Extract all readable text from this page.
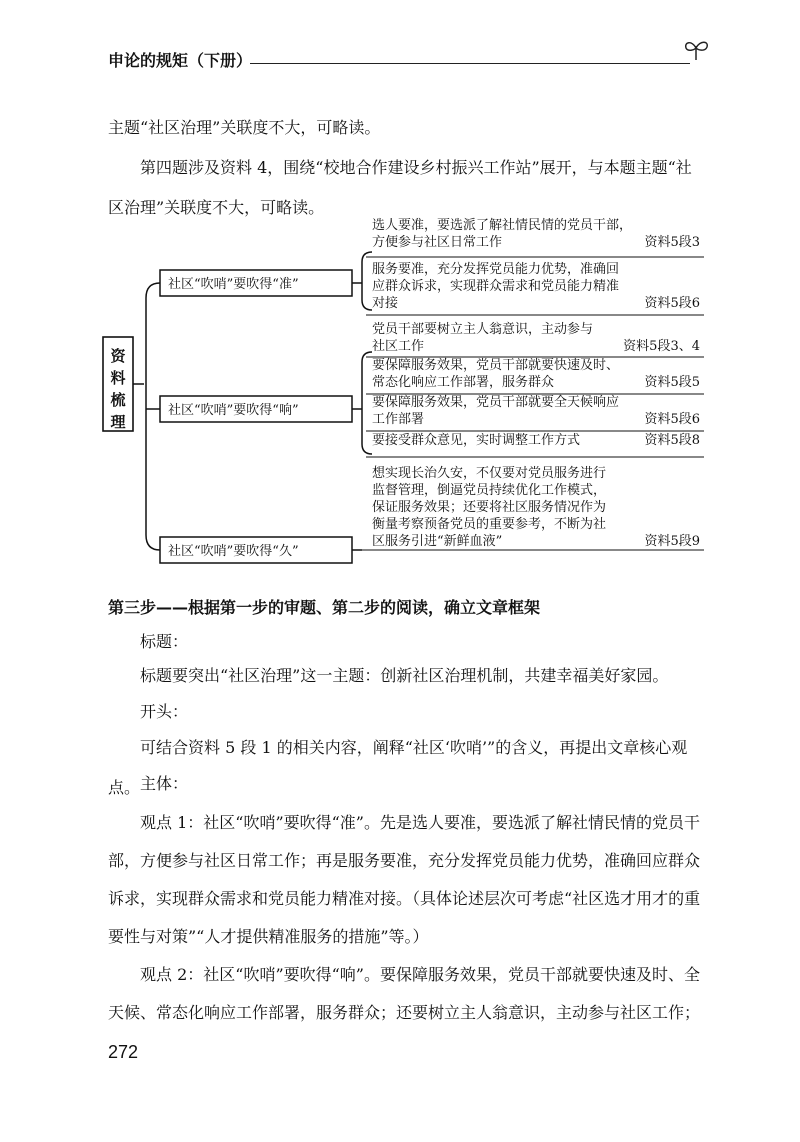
申论的规矩（下册）

主题“社区治理”关联度不大，可略读。

第四题涉及资料 4，围绕“校地合作建设乡村振兴工作站”展开，与本题主题“社区治理”关联度不大，可略读。

资
料
梳
理
社区“吹哨”要吹得“准”
社区“吹哨”要吹得“响”
社区“吹哨”要吹得“久”
选人要准，要选派了解社情民情的党员干部，
方便参与社区日常工作	资料5段3
服务要准，充分发挥党员能力优势，准确回
应群众诉求，实现群众需求和党员能力精准
对接	资料5段6
党员干部要树立主人翁意识，主动参与
社区工作	资料5段3、4
要保障服务效果，党员干部就要快速及时、
常态化响应工作部署，服务群众	资料5段5
要保障服务效果，党员干部就要全天候响应
工作部署	资料5段6
要接受群众意见，实时调整工作方式	资料5段8
想实现长治久安，不仅要对党员服务进行
监督管理，倒逼党员持续优化工作模式，
保证服务效果；还要将社区服务情况作为
衡量考察预备党员的重要参考，不断为社
区服务引进“新鲜血液”	资料5段9

第三步——根据第一步的审题、第二步的阅读，确立文章框架

标题：

标题要突出“社区治理”这一主题：创新社区治理机制，共建幸福美好家园。

开头：

可结合资料 5 段 1 的相关内容，阐释“社区‘吹哨’”的含义，再提出文章核心观点。 主体：

观点 1：社区“吹哨”要吹得“准”。先是选人要准，要选派了解社情民情的党员干部，方便参与社区日常工作；再是服务要准，充分发挥党员能力优势，准确回应群众诉求，实现群众需求和党员能力精准对接。（具体论述层次可考虑“社区选才用才的重要性与对策”“人才提供精准服务的措施”等。）

观点 2：社区“吹哨”要吹得“响”。要保障服务效果，党员干部就要快速及时、全天候、常态化响应工作部署，服务群众；还要树立主人翁意识，主动参与社区工作；

272
